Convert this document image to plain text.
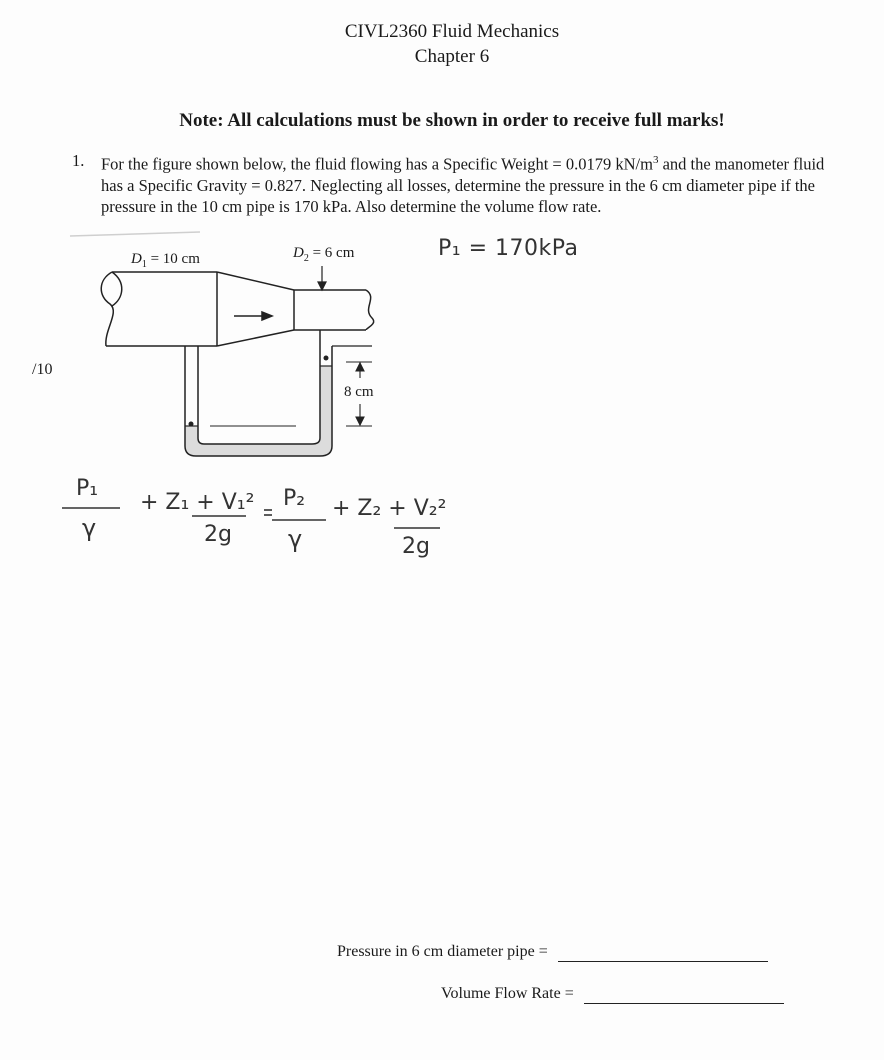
CIVL2360 Fluid Mechanics
Chapter 6
Note: All calculations must be shown in order to receive full marks!
1. For the figure shown below, the fluid flowing has a Specific Weight = 0.0179 $kN/m^3$ and the manometer fluid has a Specific Gravity = 0.827. Neglecting all losses, determine the pressure in the 6 cm diameter pipe if the pressure in the 10 cm pipe is 170 kPa. Also determine the volume flow rate.
/10
$D_1 = 10$ cm	$D_2 = 6$ cm
8 cm
P₁ = 170kPa
P₁
γ
+ Z₁ + V₁²
2g
P₂
γ
+ Z₂ + V₂²
2g
Pressure in 6 cm diameter pipe =
Volume Flow Rate =
